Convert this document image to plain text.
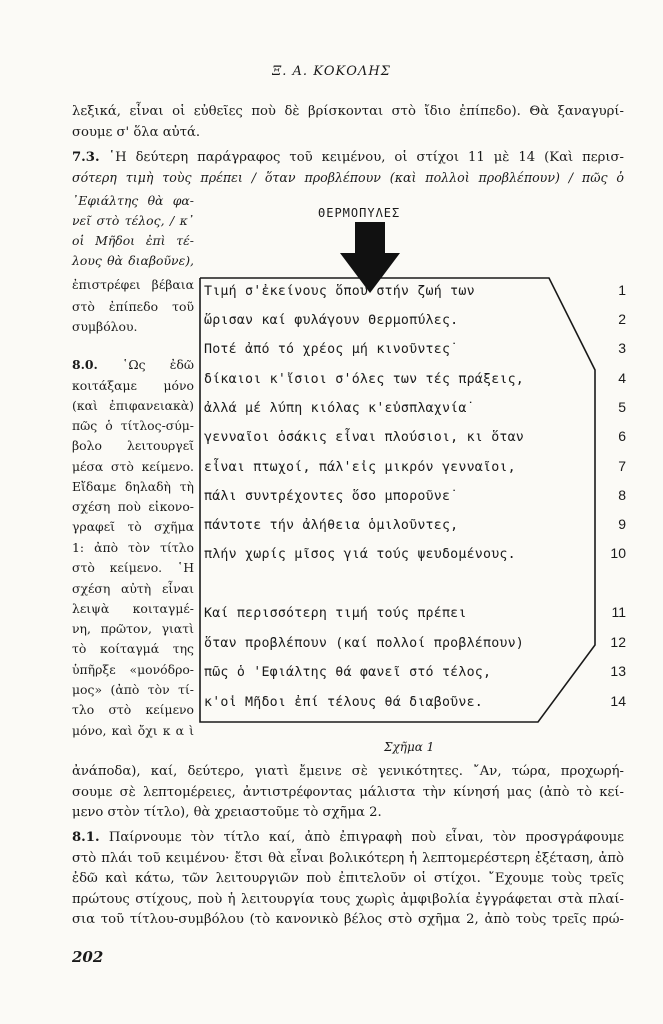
Ξ. Α. ΚΟΚΟΛΗΣ
λεξικά, εἶναι οἱ εὐθεῖες ποὺ δὲ βρίσκονται στὸ ἴδιο ἐπίπεδο). Θὰ ξαναγυρί-
σουμε σ' ὅλα αὐτά.
7.3. ῾Η δεύτερη παράγραφος τοῦ κειμένου, οἱ στίχοι 11 μὲ 14 (Καὶ περισ-
σότερη τιμὴ τοὺς πρέπει / ὅταν προβλέπουν (καὶ πολλοὶ προβλέπουν) / πῶς ὁ
᾽Εφιάλτης θὰ φα-
νεῖ στὸ τέλος, / κ᾽
οἱ Μῆδοι ἐπὶ τέ-
λους θὰ διαβοῦνε),
ἐπιστρέφει βέβαια
στὸ ἐπίπεδο τοῦ
συμβόλου.
8.0. ῾Ως ἐδῶ
κοιτάξαμε μόνο
(καὶ ἐπιφανειακὰ)
πῶς ὁ τίτλος-σύμ-
βολο λειτουργεῖ
μέσα στὸ κείμενο.
Εἴδαμε δηλαδὴ τὴ
σχέση ποὺ εἰκονο-
γραφεῖ τὸ σχῆμα
1: ἀπὸ τὸν τίτλο
στὸ κείμενο. ῾Η
σχέση αὐτὴ εἶναι
λειψὰ κοιταγμέ-
νη, πρῶτον, γιατὶ
τὸ κοίταγμά της
ὑπῆρξε «μονόδρο-
μος» (ἀπὸ τὸν τί-
τλο στὸ κείμενο
μόνο, καὶ ὄχι κ α ὶ
ἀνάποδα), καί, δεύτερο, γιατὶ ἔμεινε σὲ γενικότητες. ῎Αν, τώρα, προχωρή-
σουμε σὲ λεπτομέρειες, ἀντιστρέφοντας μάλιστα τὴν κίνησή μας (ἀπὸ τὸ κεί-
μενο στὸν τίτλο), θὰ χρειαστοῦμε τὸ σχῆμα 2.
ΘΕΡΜΟΠΥΛΕΣ
Τιμή σ'ἐκείνους ὅπου στήν ζωή των	1
ὥρισαν καί φυλάγουν Θερμοπύλες.	2
Ποτέ ἀπό τό χρέος μή κινοῦντες˙	3
δίκαιοι κ'ἴσιοι σ'όλες των τές πράξεις,	4
ἀλλά μέ λύπη κιόλας κ'εὐσπλαχνία˙	5
γενναῖοι ὁσάκις εἶναι πλούσιοι, κι ὅταν	6
εἶναι πτωχοί, πάλ'εἰς μικρόν γενναῖοι,	7
πάλι συντρέχοντες ὅσο μποροῦνε˙	8
πάντοτε τήν ἀλήθεια ὁμιλοῦντες,	9
πλήν χωρίς μῖσος γιά τούς ψευδομένους.	10
Καί περισσότερη τιμή τούς πρέπει	11
ὅταν προβλέπουν (καί πολλοί προβλέπουν)	12
πῶς ὁ 'Εφιάλτης θά φανεῖ στό τέλος,	13
κ'οἱ Μῆδοι ἐπί τέλους θά διαβοῦνε.	14
Σχῆμα 1
8.1. Παίρνουμε τὸν τίτλο καί, ἀπὸ ἐπιγραφὴ ποὺ εἶναι, τὸν προσγράφουμε
στὸ πλάι τοῦ κειμένου· ἔτσι θὰ εἶναι βολικότερη ἡ λεπτομερέστερη ἐξέταση, ἀπὸ
ἐδῶ καὶ κάτω, τῶν λειτουργιῶν ποὺ ἐπιτελοῦν οἱ στίχοι. ῎Εχουμε τοὺς τρεῖς
πρώτους στίχους, ποὺ ἡ λειτουργία τους χωρὶς ἀμφιβολία ἐγγράφεται στὰ πλαί-
σια τοῦ τίτλου-συμβόλου (τὸ κανονικὸ βέλος στὸ σχῆμα 2, ἀπὸ τοὺς τρεῖς πρώ-
202
